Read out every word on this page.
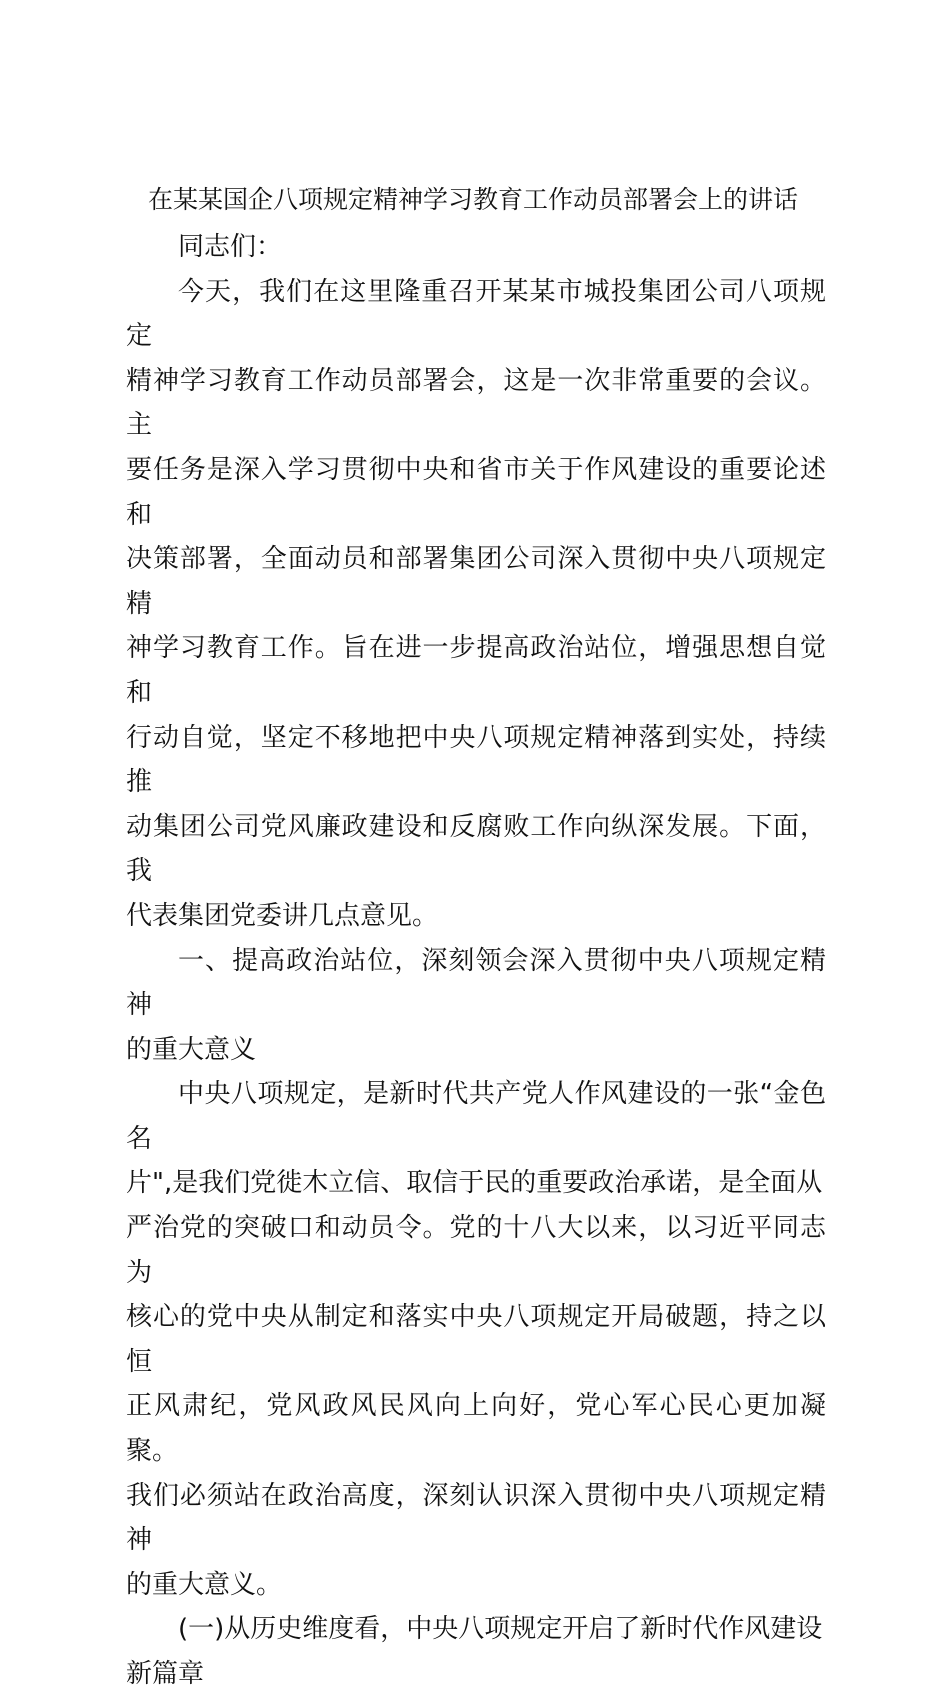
在某某国企八项规定精神学习教育工作动员部署会上的讲话

同志们：

今天，我们在这里隆重召开某某市城投集团公司八项规定
精神学习教育工作动员部署会，这是一次非常重要的会议。主
要任务是深入学习贯彻中央和省市关于作风建设的重要论述和
决策部署，全面动员和部署集团公司深入贯彻中央八项规定精
神学习教育工作。旨在进一步提高政治站位，增强思想自觉和
行动自觉，坚定不移地把中央八项规定精神落到实处，持续推
动集团公司党风廉政建设和反腐败工作向纵深发展。下面，我
代表集团党委讲几点意见。

一、提高政治站位，深刻领会深入贯彻中央八项规定精神
的重大意义

中央八项规定，是新时代共产党人作风建设的一张“金色名
片",是我们党徙木立信、取信于民的重要政治承诺，是全面从
严治党的突破口和动员令。党的十八大以来，以习近平同志为
核心的党中央从制定和落实中央八项规定开局破题，持之以恒
正风肃纪，党风政风民风向上向好，党心军心民心更加凝聚。
我们必须站在政治高度，深刻认识深入贯彻中央八项规定精神
的重大意义。

(一)从历史维度看，中央八项规定开启了新时代作风建设
新篇章
